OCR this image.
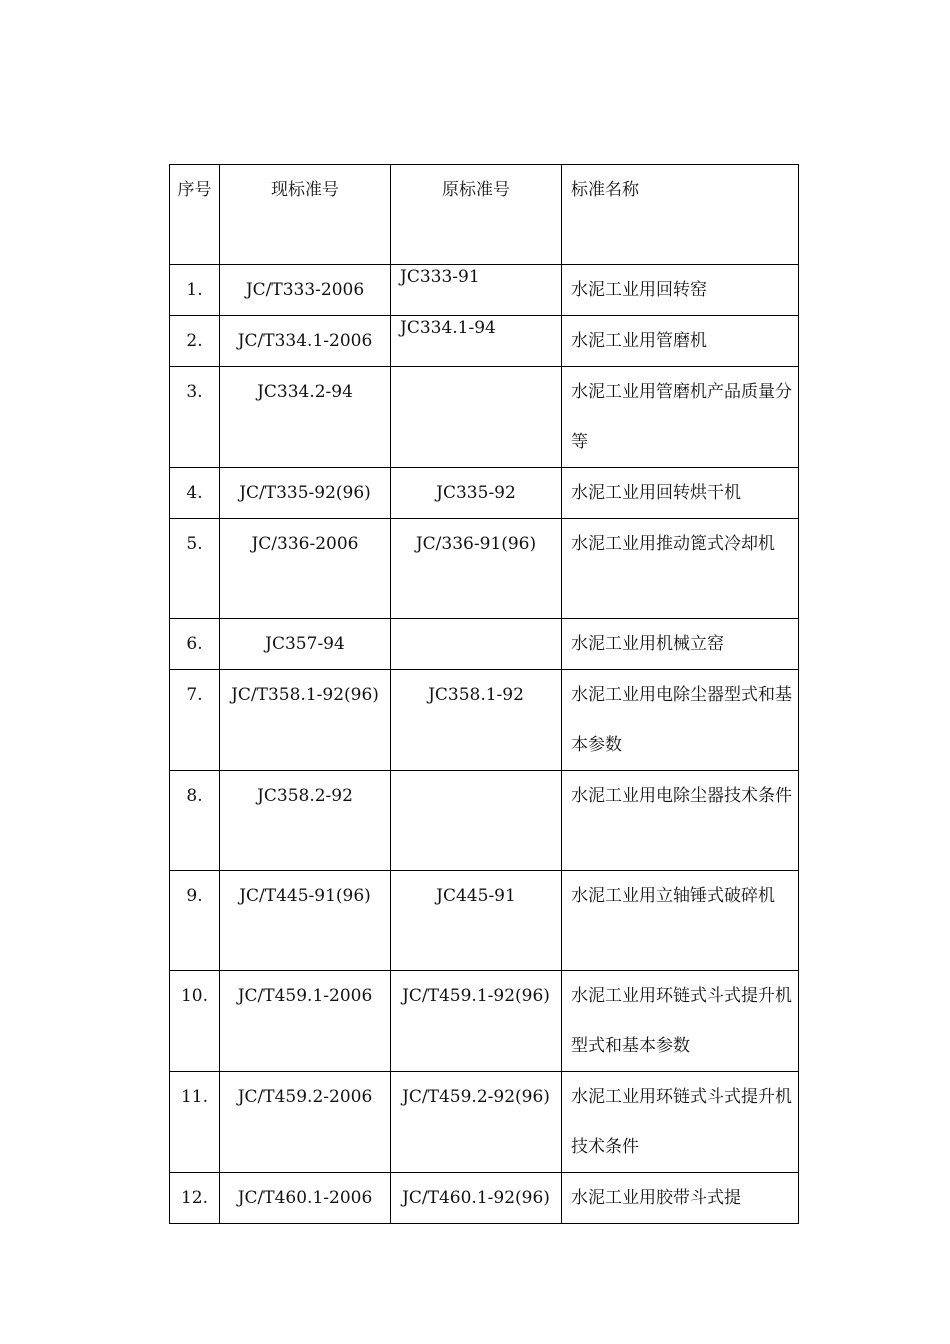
序号	现标准号	原标准号	标准名称

1.	JC/T333-2006	JC333-91	水泥工业用回转窑

2.	JC/T334.1-2006	JC334.1-94	水泥工业用管磨机

3.	JC334.2-94		水泥工业用管磨机产品质量分等

4.	JC/T335-92(96)	JC335-92	水泥工业用回转烘干机

5.	JC/336-2006	JC/336-91(96)	水泥工业用推动篦式冷却机

6.	JC357-94		水泥工业用机械立窑

7.	JC/T358.1-92(96)	JC358.1-92	水泥工业用电除尘器型式和基本参数

8.	JC358.2-92		水泥工业用电除尘器技术条件

9.	JC/T445-91(96)	JC445-91	水泥工业用立轴锤式破碎机

10.	JC/T459.1-2006	JC/T459.1-92(96)	水泥工业用环链式斗式提升机型式和基本参数

11.	JC/T459.2-2006	JC/T459.2-92(96)	水泥工业用环链式斗式提升机技术条件

12.	JC/T460.1-2006	JC/T460.1-92(96)	水泥工业用胶带斗式提
